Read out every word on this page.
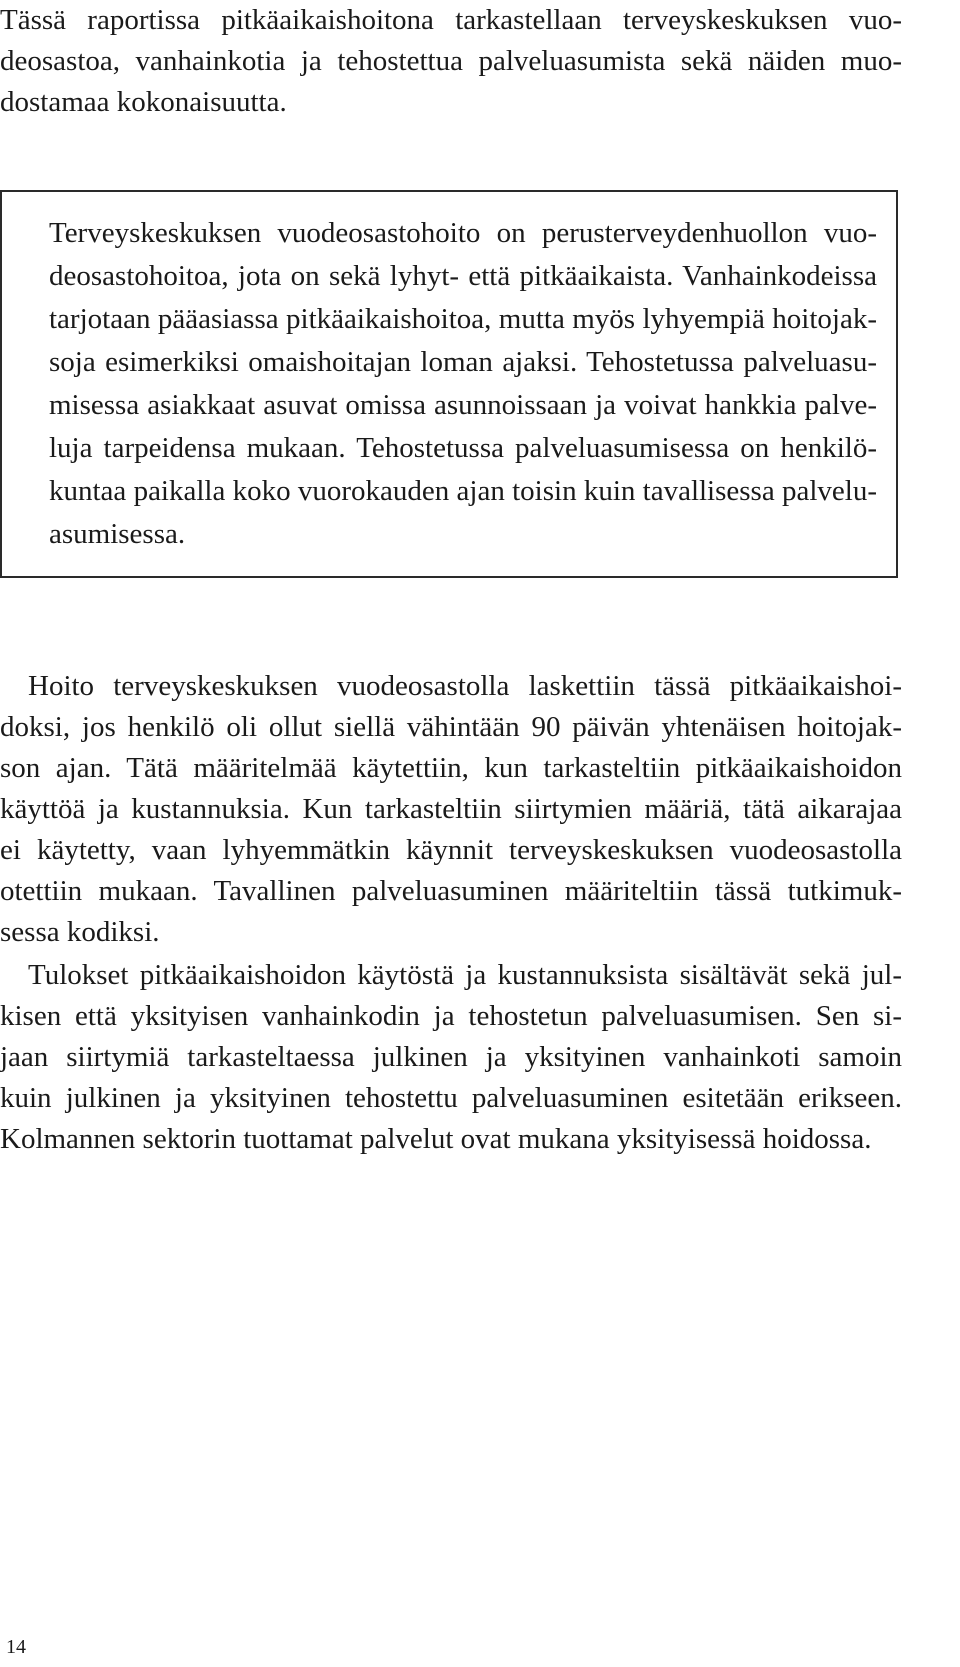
Tässä raportissa pitkäaikaishoitona tarkastellaan terveyskeskuksen vuo-
deosastoa, vanhainkotia ja tehostettua palveluasumista sekä näiden muo-
dostamaa kokonaisuutta.
Terveyskeskuksen vuodeosastohoito on perusterveydenhuollon vuo-
deosastohoitoa, jota on sekä lyhyt- että pitkäaikaista. Vanhainkodeissa
tarjotaan pääasiassa pitkäaikaishoitoa, mutta myös lyhyempiä hoitojak-
soja esimerkiksi omaishoitajan loman ajaksi. Tehostetussa palveluasu-
misessa asiakkaat asuvat omissa asunnoissaan ja voivat hankkia palve-
luja tarpeidensa mukaan. Tehostetussa palveluasumisessa on henkilö-
kuntaa paikalla koko vuorokauden ajan toisin kuin tavallisessa palvelu-
asumisessa.
Hoito terveyskeskuksen vuodeosastolla laskettiin tässä pitkäaikaishoi-
doksi, jos henkilö oli ollut siellä vähintään 90 päivän yhtenäisen hoitojak-
son ajan. Tätä määritelmää käytettiin, kun tarkasteltiin pitkäaikaishoidon
käyttöä ja kustannuksia. Kun tarkasteltiin siirtymien määriä, tätä aikarajaa
ei käytetty, vaan lyhyemmätkin käynnit terveyskeskuksen vuodeosastolla
otettiin mukaan. Tavallinen palveluasuminen määriteltiin tässä tutkimuk-
sessa kodiksi.
Tulokset pitkäaikaishoidon käytöstä ja kustannuksista sisältävät sekä jul-
kisen että yksityisen vanhainkodin ja tehostetun palveluasumisen. Sen si-
jaan siirtymiä tarkasteltaessa julkinen ja yksityinen vanhainkoti samoin
kuin julkinen ja yksityinen tehostettu palveluasuminen esitetään erikseen.
Kolmannen sektorin tuottamat palvelut ovat mukana yksityisessä hoidossa.
14
